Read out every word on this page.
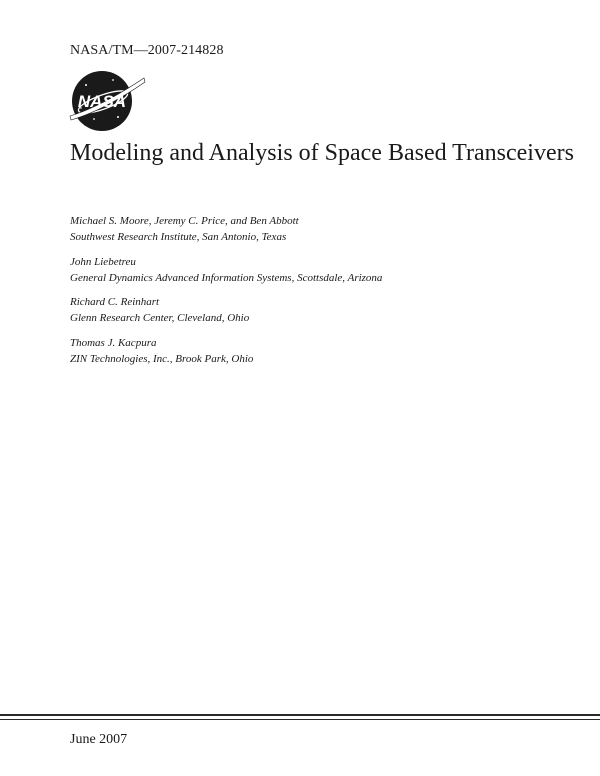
NASA/TM—2007-214828
NASA
Modeling and Analysis of Space Based Transceivers
Michael S. Moore, Jeremy C. Price, and Ben Abbott
Southwest Research Institute, San Antonio, Texas
John Liebetreu
General Dynamics Advanced Information Systems, Scottsdale, Arizona
Richard C. Reinhart
Glenn Research Center, Cleveland, Ohio
Thomas J. Kacpura
ZIN Technologies, Inc., Brook Park, Ohio
June 2007
